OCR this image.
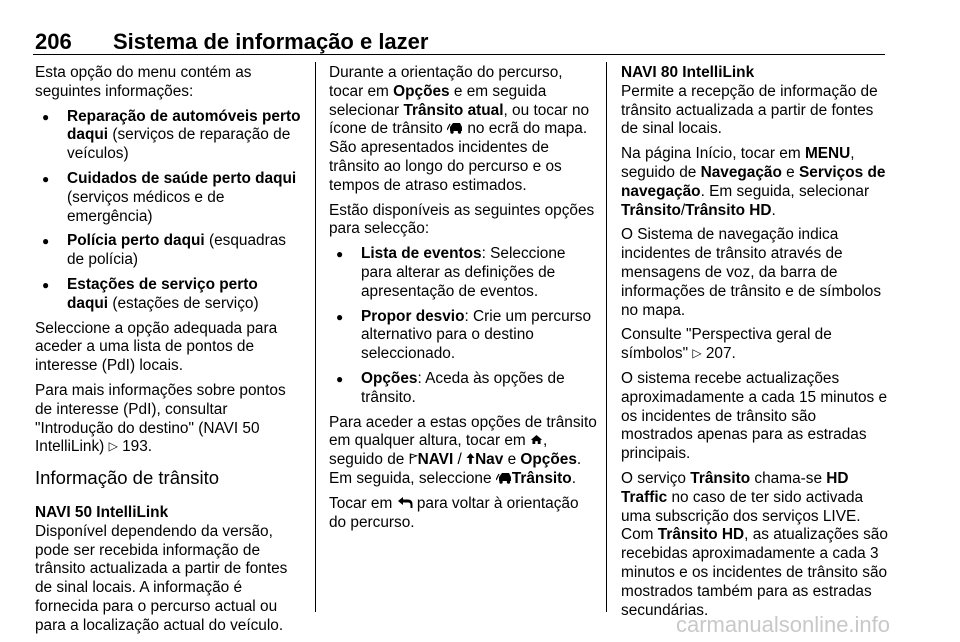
206 Sistema de informação e lazer

Esta opção do menu contém as seguintes informações:

● Reparação de automóveis perto daqui (serviços de reparação de veículos)
● Cuidados de saúde perto daqui (serviços médicos e de emergência)
● Polícia perto daqui (esquadras de polícia)
● Estações de serviço perto daqui (estações de serviço)

Seleccione a opção adequada para aceder a uma lista de pontos de interesse (PdI) locais.

Para mais informações sobre pontos de interesse (PdI), consultar "Introdução do destino" (NAVI 50 IntelliLink) ▷ 193.

Informação de trânsito

NAVI 50 IntelliLink
Disponível dependendo da versão, pode ser recebida informação de trânsito actualizada a partir de fontes de sinal locais. A informação é fornecida para o percurso actual ou para a localização actual do veículo.

Durante a orientação do percurso, tocar em Opções e em seguida selecionar Trânsito atual, ou tocar no ícone de trânsito  no ecrã do mapa. São apresentados incidentes de trânsito ao longo do percurso e os tempos de atraso estimados.

Estão disponíveis as seguintes opções para selecção:

● Lista de eventos: Seleccione para alterar as definições de apresentação de eventos.
● Propor desvio: Crie um percurso alternativo para o destino seleccionado.
● Opções: Aceda às opções de trânsito.

Para aceder a estas opções de trânsito em qualquer altura, tocar em , seguido de NAVI / Nav e Opções. Em seguida, seleccione Trânsito.

Tocar em  para voltar à orientação do percurso.

NAVI 80 IntelliLink
Permite a recepção de informação de trânsito actualizada a partir de fontes de sinal locais.

Na página Início, tocar em MENU, seguido de Navegação e Serviços de navegação. Em seguida, selecionar Trânsito/Trânsito HD.

O Sistema de navegação indica incidentes de trânsito através de mensagens de voz, da barra de informações de trânsito e de símbolos no mapa.

Consulte "Perspectiva geral de símbolos" ▷ 207.

O sistema recebe actualizações aproximadamente a cada 15 minutos e os incidentes de trânsito são mostrados apenas para as estradas principais.

O serviço Trânsito chama-se HD Traffic no caso de ter sido activada uma subscrição dos serviços LIVE. Com Trânsito HD, as atualizações são recebidas aproximadamente a cada 3 minutos e os incidentes de trânsito são mostrados também para as estradas secundárias.

carmanualsonline.info
